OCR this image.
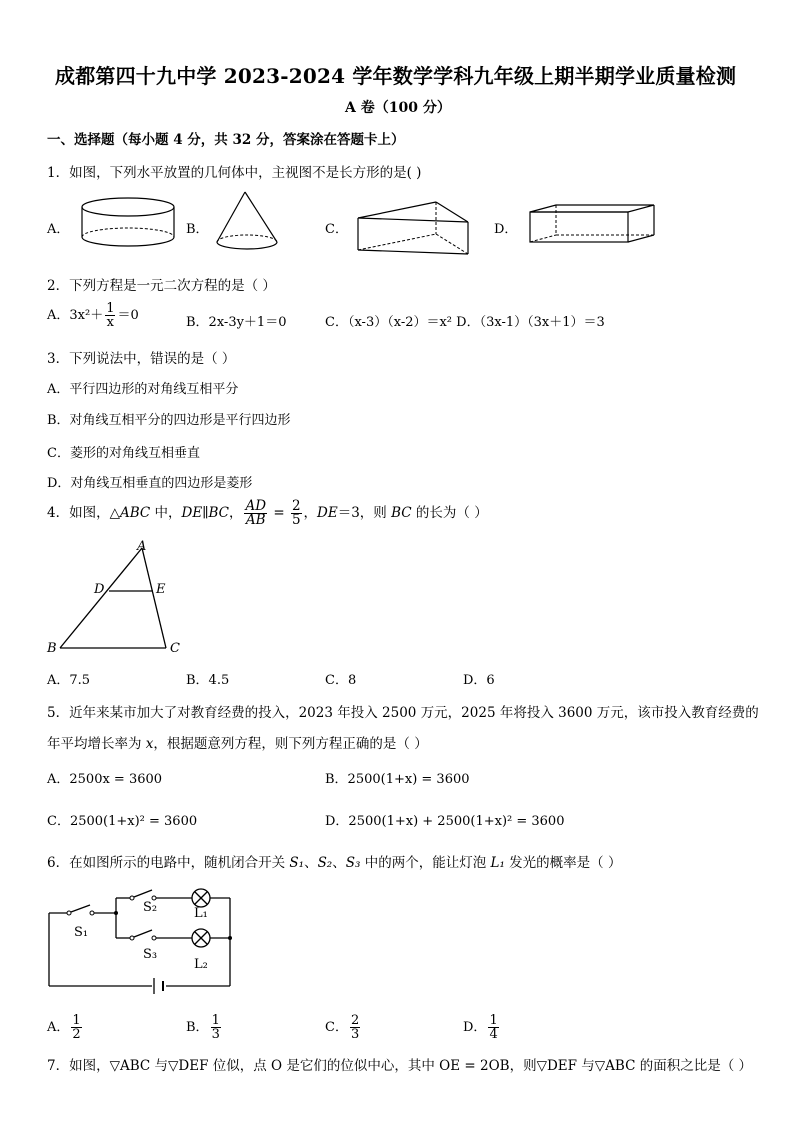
成都第四十九中学 2023-2024 学年数学学科九年级上期半期学业质量检测
A 卷（100 分）
一、选择题（每小题 4 分，共 32 分，答案涂在答题卡上）
1．如图，下列水平放置的几何体中，主视图不是长方形的是( )
A．	B．	C．	D．
2．下列方程是一元二次方程的是（ ）
A．$3x^2+ \frac{1}{x} =0$	B．2x-3y＋1＝0	C．（x-3）（x-2）＝x² D．（3x-1）（3x＋1）＝3
3．下列说法中，错误的是（ ）
A．平行四边形的对角线互相平分
B．对角线互相平分的四边形是平行四边形
C．菱形的对角线互相垂直
D．对角线互相垂直的四边形是菱形
4．如图，△ABC 中，DE∥BC， $\frac{AD}{AB} = \frac{2}{5}$ ，DE＝3，则 BC 的长为（ ）
A
D	E
B	C
A．7.5	B．4.5	C．8	D．6
5．近年来某市加大了对教育经费的投入，2023 年投入 2500 万元，2025 年将投入 3600 万元，该市投入教育经费的
年平均增长率为 x，根据题意列方程，则下列方程正确的是（ ）
A．2500x = 3600	B．2500(1+x) = 3600
C．2500(1+x)² = 3600	D．2500(1+x) + 2500(1+x)² = 3600
6．在如图所示的电路中，随机闭合开关 S₁、S₂、S₃ 中的两个，能让灯泡 L₁ 发光的概率是（ ）
S₁
S₂	L₁
S₃
L₂
A． $\frac{1}{2}$	B． $\frac{1}{3}$	C． $\frac{2}{3}$	D． $\frac{1}{4}$
7．如图，▽ABC 与▽DEF 位似，点 O 是它们的位似中心，其中 OE = 2OB，则▽DEF 与▽ABC 的面积之比是（ ）
